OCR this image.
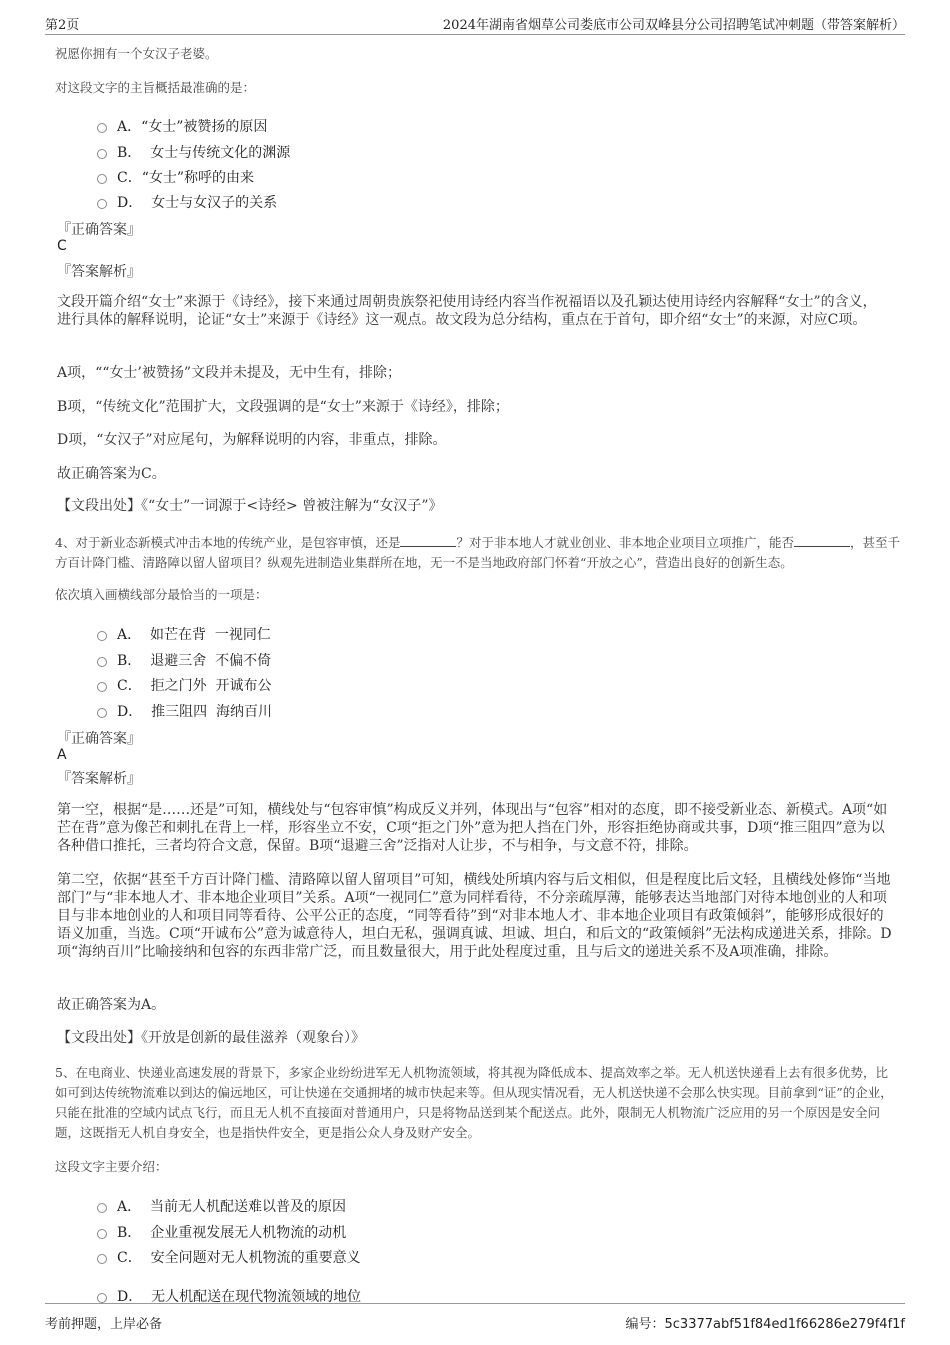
第2页	2024年湖南省烟草公司娄底市公司双峰县分公司招聘笔试冲刺题（带答案解析）
祝愿你拥有一个女汉子老婆。
对这段文字的主旨概括最准确的是：
A．“女士”被赞扬的原因
B．  女士与传统文化的渊源
C．“女士”称呼的由来
D．  女士与女汉子的关系
『正确答案』
C
『答案解析』
文段开篇介绍“女士”来源于《诗经》，接下来通过周朝贵族祭祀使用诗经内容当作祝福语以及孔颖达使用诗经内容解释“女士”的含义，进行具体的解释说明，论证“女士”来源于《诗经》这一观点。故文段为总分结构，重点在于首句，即介绍“女士”的来源，对应C项。
A项，““女士’被赞扬”文段并未提及，无中生有，排除；
B项，“传统文化”范围扩大，文段强调的是“女士”来源于《诗经》，排除；
D项，“女汉子”对应尾句，为解释说明的内容，非重点，排除。
故正确答案为C。
【文段出处】《“女士”一词源于<诗经> 曾被注解为“女汉子”》
4、对于新业态新模式冲击本地的传统产业，是包容审慎，还是	？对于非本地人才就业创业、非本地企业项目立项推广，能否	，甚至千方百计降门槛、清路障以留人留项目？纵观先进制造业集群所在地，无一不是当地政府部门怀着“开放之心”，营造出良好的创新生态。
依次填入画横线部分最恰当的一项是：
A．  如芒在背  一视同仁
B．  退避三舍  不偏不倚
C．  拒之门外  开诚布公
D．  推三阻四  海纳百川
『正确答案』
A
『答案解析』
第一空，根据“是……还是”可知，横线处与“包容审慎”构成反义并列，体现出与“包容”相对的态度，即不接受新业态、新模式。A项“如芒在背”意为像芒和刺扎在背上一样，形容坐立不安，C项“拒之门外”意为把人挡在门外，形容拒绝协商或共事，D项“推三阻四”意为以各种借口推托，三者均符合文意，保留。B项“退避三舍”泛指对人让步，不与相争，与文意不符，排除。
第二空，依据“甚至千方百计降门槛、清路障以留人留项目”可知，横线处所填内容与后文相似，但是程度比后文轻，且横线处修饰“当地部门”与“非本地人才、非本地企业项目”关系。A项“一视同仁”意为同样看待，不分亲疏厚薄，能够表达当地部门对待本地创业的人和项目与非本地创业的人和项目同等看待、公平公正的态度，“同等看待”到“对非本地人才、非本地企业项目有政策倾斜”，能够形成很好的语义加重，当选。C项“开诚布公”意为诚意待人，坦白无私，强调真诚、坦诚、坦白，和后文的“政策倾斜”无法构成递进关系，排除。D项“海纳百川”比喻接纳和包容的东西非常广泛，而且数量很大，用于此处程度过重，且与后文的递进关系不及A项准确，排除。
故正确答案为A。
【文段出处】《开放是创新的最佳滋养（观象台）》
5、在电商业、快递业高速发展的背景下，多家企业纷纷进军无人机物流领域，将其视为降低成本、提高效率之举。无人机送快递看上去有很多优势，比如可到达传统物流难以到达的偏远地区，可让快递在交通拥堵的城市快起来等。但从现实情况看，无人机送快递不会那么快实现。目前拿到“证”的企业，只能在批准的空域内试点飞行，而且无人机不直接面对普通用户，只是将物品送到某个配送点。此外，限制无人机物流广泛应用的另一个原因是安全问题，这既指无人机自身安全，也是指快件安全，更是指公众人身及财产安全。
这段文字主要介绍：
A．  当前无人机配送难以普及的原因
B．  企业重视发展无人机物流的动机
C．  安全问题对无人机物流的重要意义
D．  无人机配送在现代物流领域的地位
考前押题，上岸必备	编号：5c3377abf51f84ed1f66286e279f4f1f
